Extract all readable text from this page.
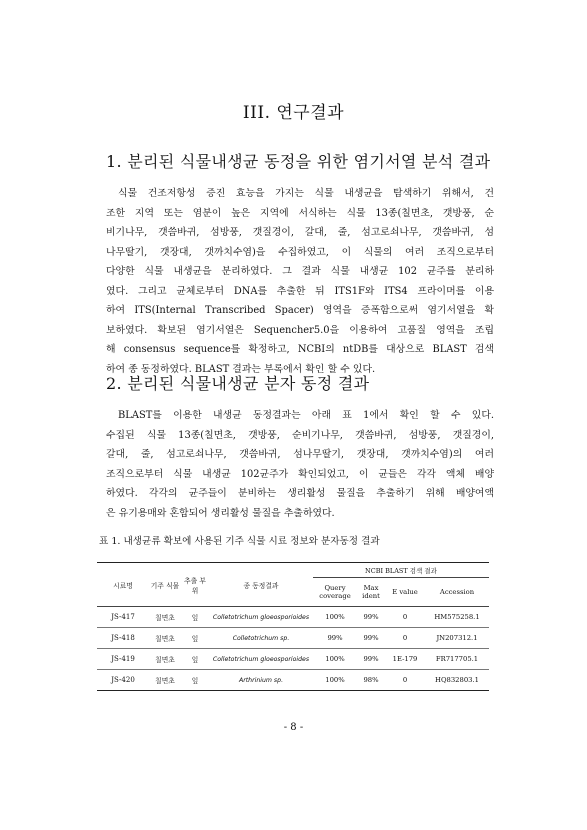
III. 연구결과
1. 분리된 식물내생균 동정을 위한 염기서열 분석 결과
식물 건조저항성 증진 효능을 가지는 식물 내생균을 탐색하기 위해서, 건
조한 지역 또는 염분이 높은 지역에 서식하는 식물 13종(칠면초, 갯방풍, 순
비기나무, 갯씀바귀, 섬방풍, 갯질경이, 갈대, 줄, 섬고로쇠나무, 갯씀바귀, 섬
나무딸기, 갯장대, 갯까치수염)을 수집하였고, 이 식물의 여러 조직으로부터
다양한 식물 내생균을 분리하였다. 그 결과 식물 내생균 102 균주를 분리하
였다. 그리고 균체로부터 DNA를 추출한 뒤 ITS1F와 ITS4 프라이머를 이용
하여 ITS(Internal Transcribed Spacer) 영역을 증폭함으로써 염기서열을 확
보하였다. 확보된 염기서열은 Sequencher5.0을 이용하여 고품질 영역을 조립
해 consensus sequence를 확정하고, NCBI의 ntDB를 대상으로 BLAST 검색
하여 종 동정하였다. BLAST 결과는 부록에서 확인 할 수 있다.
2. 분리된 식물내생균 분자 동정 결과
BLAST를 이용한 내생균 동정결과는 아래 표 1에서 확인 할 수 있다.
수집된 식물 13종(칠면초, 갯방풍, 순비기나무, 갯씀바귀, 섬방풍, 갯질경이,
갈대, 줄, 섬고로쇠나무, 갯씀바귀, 섬나무딸기, 갯장대, 갯까치수염)의 여러
조직으로부터 식물 내생균 102균주가 확인되었고, 이 균들은 각각 액체 배양
하였다. 각각의 균주들이 분비하는 생리활성 물질을 추출하기 위해 배양여액
은 유기용매와 혼합되어 생리활성 물질을 추출하였다.
표 1. 내생균류 확보에 사용된 기주 식물 시료 정보와 분자동정 결과
시료명	기주 식물	추출 부위	종 동정결과	NCBI BLAST 검색 결과			
				Query coverage	Max ident	E value	Accession
JS-417	칠면초	잎	Colletotrichum gloeosporioides	100%	99%	0	HM575258.1
JS-418	칠면초	잎	Colletotrichum sp.	99%	99%	0	JN207312.1
JS-419	칠면초	잎	Colletotrichum gloeosporioides	100%	99%	1E-179	FR717705.1
JS-420	칠면초	잎	Arthrinium sp.	100%	98%	0	HQ832803.1
- 8 -
